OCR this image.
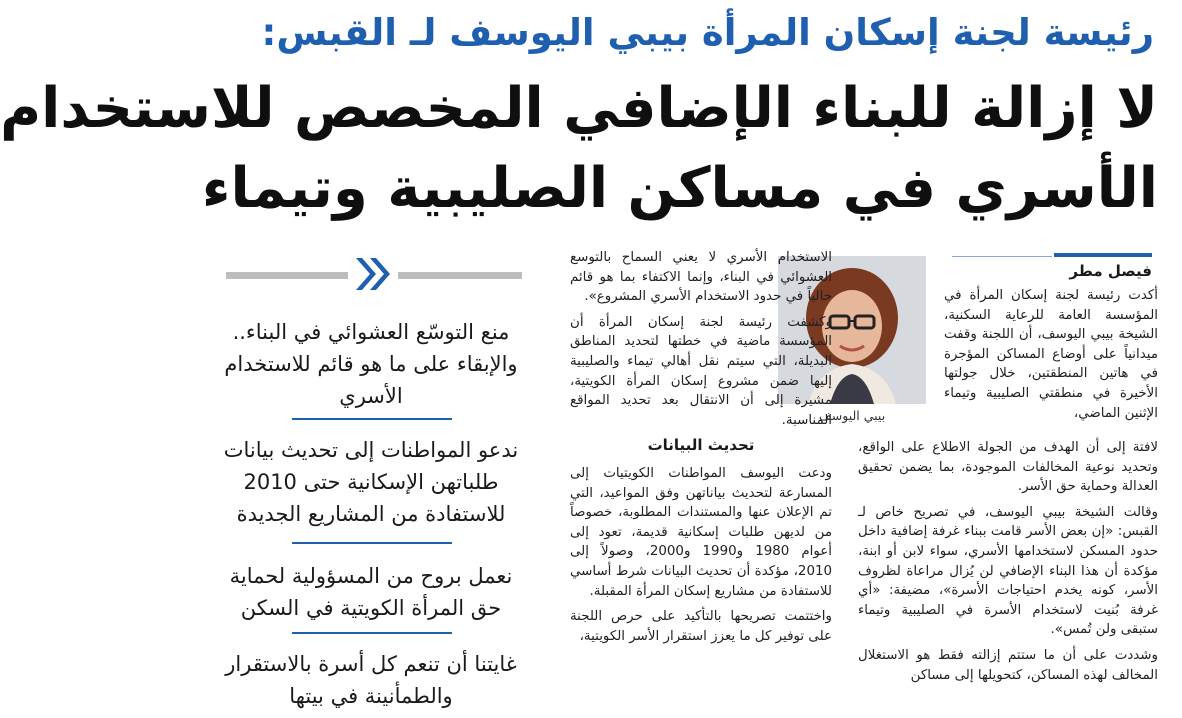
رئيسة لجنة إسكان المرأة بيبي اليوسف لـ القبس:
لا إزالة للبناء الإضافي المخصص للاستخدام
الأسري في مساكن الصليبية وتيماء
فيصل مطر

أكدت رئيسة لجنة إسكان المرأة في المؤسسة العامة للرعاية السكنية، الشيخة بيبي اليوسف، أن اللجنة وقفت ميدانياً على أوضاع المساكن المؤجرة في هاتين المنطقتين، خلال جولتها الأخيرة في منطقتي الصليبية وتيماء الإثنين الماضي،

لافتة إلى أن الهدف من الجولة الاطلاع على الواقع، وتحديد نوعية المخالفات الموجودة، بما يضمن تحقيق العدالة وحماية حق الأسر.

وقالت الشيخة بيبي اليوسف، في تصريح خاص لـ القبس: «إن بعض الأسر قامت ببناء غرفة إضافية داخل حدود المسكن لاستخدامها الأسري، سواء لابن أو ابنة، مؤكدة أن هذا البناء الإضافي لن يُزال مراعاة لظروف الأسر، كونه يخدم احتياجات الأسرة»، مضيفة: «أي غرفة بُنيت لاستخدام الأسرة في الصليبية وتيماء ستبقى ولن تُمس».

وشددت على أن ما ستتم إزالته فقط هو الاستغلال المخالف لهذه المساكن، كتحويلها إلى مساكن

بيبي اليوسف

الاستخدام الأسري لا يعني السماح بالتوسع العشوائي في البناء، وإنما الاكتفاء بما هو قائم حالياً في حدود الاستخدام الأسري المشروع».

وكشفت رئيسة لجنة إسكان المرأة أن المؤسسة ماضية في خطتها لتحديد المناطق البديلة، التي سيتم نقل أهالي تيماء والصليبية إليها ضمن مشروع إسكان المرأة الكويتية، مشيرة إلى أن الانتقال بعد تحديد المواقع المناسبة.

تحديث البيانات

ودعت اليوسف المواطنات الكويتيات إلى المسارعة لتحديث بياناتهن وفق المواعيد، التي تم الإعلان عنها والمستندات المطلوبة، خصوصاً من لديهن طلبات إسكانية قديمة، تعود إلى أعوام 1980 و1990 و2000، وصولاً إلى 2010، مؤكدة أن تحديث البيانات شرط أساسي للاستفادة من مشاريع إسكان المرأة المقبلة.

واختتمت تصريحها بالتأكيد على حرص اللجنة على توفير كل ما يعزز استقرار الأسر الكويتية،

منع التوسّع العشوائي في البناء.. والإبقاء على ما هو قائم للاستخدام الأسري
ندعو المواطنات إلى تحديث بيانات طلباتهن الإسكانية حتى 2010 للاستفادة من المشاريع الجديدة
نعمل بروح من المسؤولية لحماية حق المرأة الكويتية في السكن
غايتنا أن تنعم كل أسرة بالاستقرار والطمأنينة في بيتها
